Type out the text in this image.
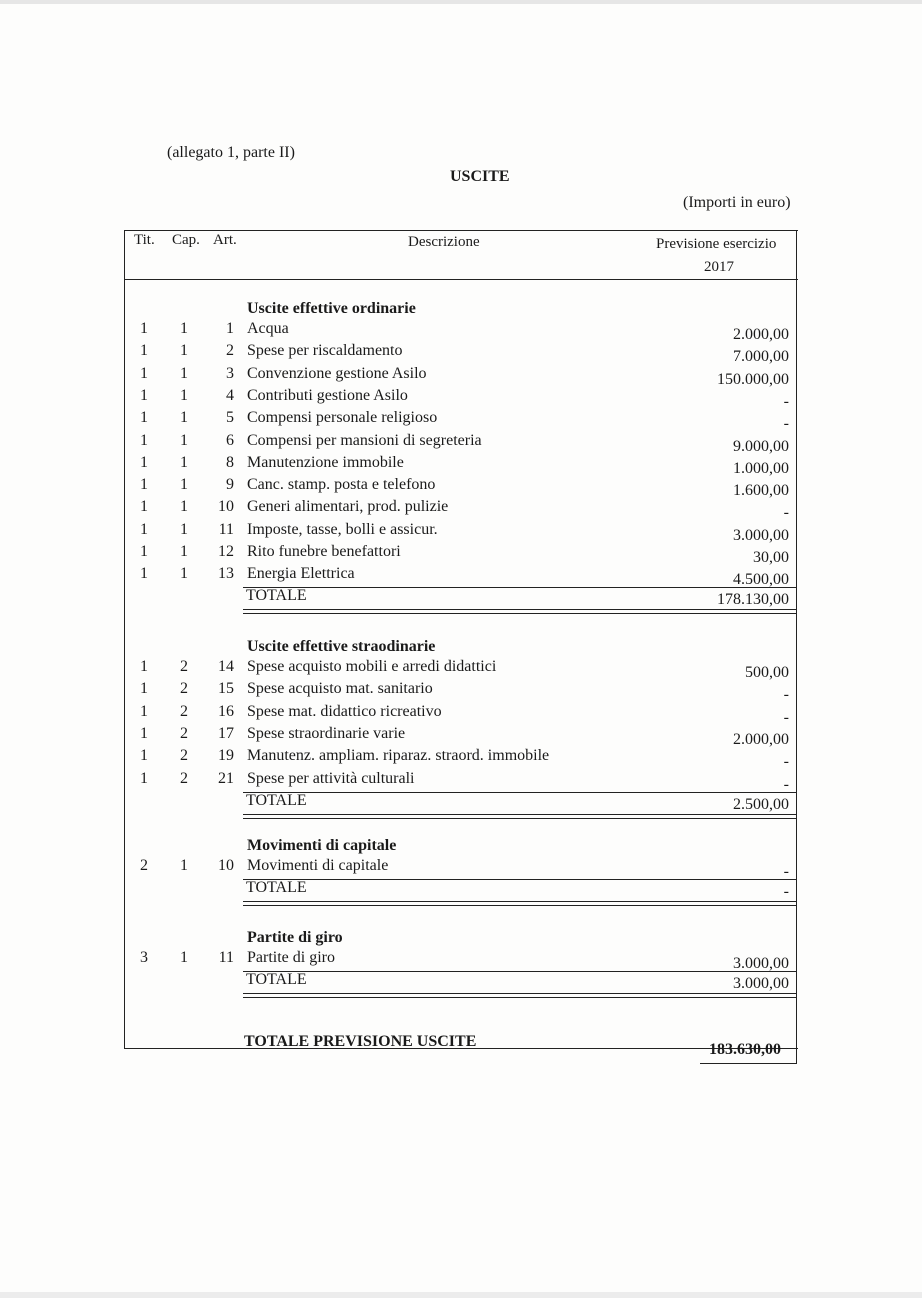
(allegato 1, parte II)
USCITE
(Importi in euro)
Tit. Cap. Art.	Descrizione	Previsione esercizio
2017
Uscite effettive ordinarie
1 1	1 Acqua	2.000,00
1 1	2 Spese per riscaldamento	7.000,00
1 1	3 Convenzione gestione Asilo	150.000,00
1 1	4 Contributi gestione Asilo	-
1 1	5 Compensi personale religioso	-
1 1	6 Compensi per mansioni di segreteria	9.000,00
1 1	8 Manutenzione immobile	1.000,00
1 1	9 Canc. stamp. posta e telefono	1.600,00
1 1 10 Generi alimentari, prod. pulizie	-
1 1 11 Imposte, tasse, bolli e assicur.	3.000,00
1 1 12 Rito funebre benefattori	30,00
1 1 13 Energia Elettrica	4.500,00
TOTALE	178.130,00
Uscite effettive straodinarie
1 2 14 Spese acquisto mobili e arredi didattici	500,00
1 2 15 Spese acquisto mat. sanitario	-
1 2 16 Spese mat. didattico ricreativo	-
1 2 17 Spese straordinarie varie	2.000,00
1 2 19 Manutenz. ampliam. riparaz. straord. immobile	-
1 2 21 Spese per attività culturali	-
TOTALE	2.500,00
Movimenti di capitale
2 1 10 Movimenti di capitale	-
TOTALE	-
Partite di giro
3 1 11 Partite di giro	3.000,00
TOTALE	3.000,00
TOTALE PREVISIONE USCITE	183.630,00
